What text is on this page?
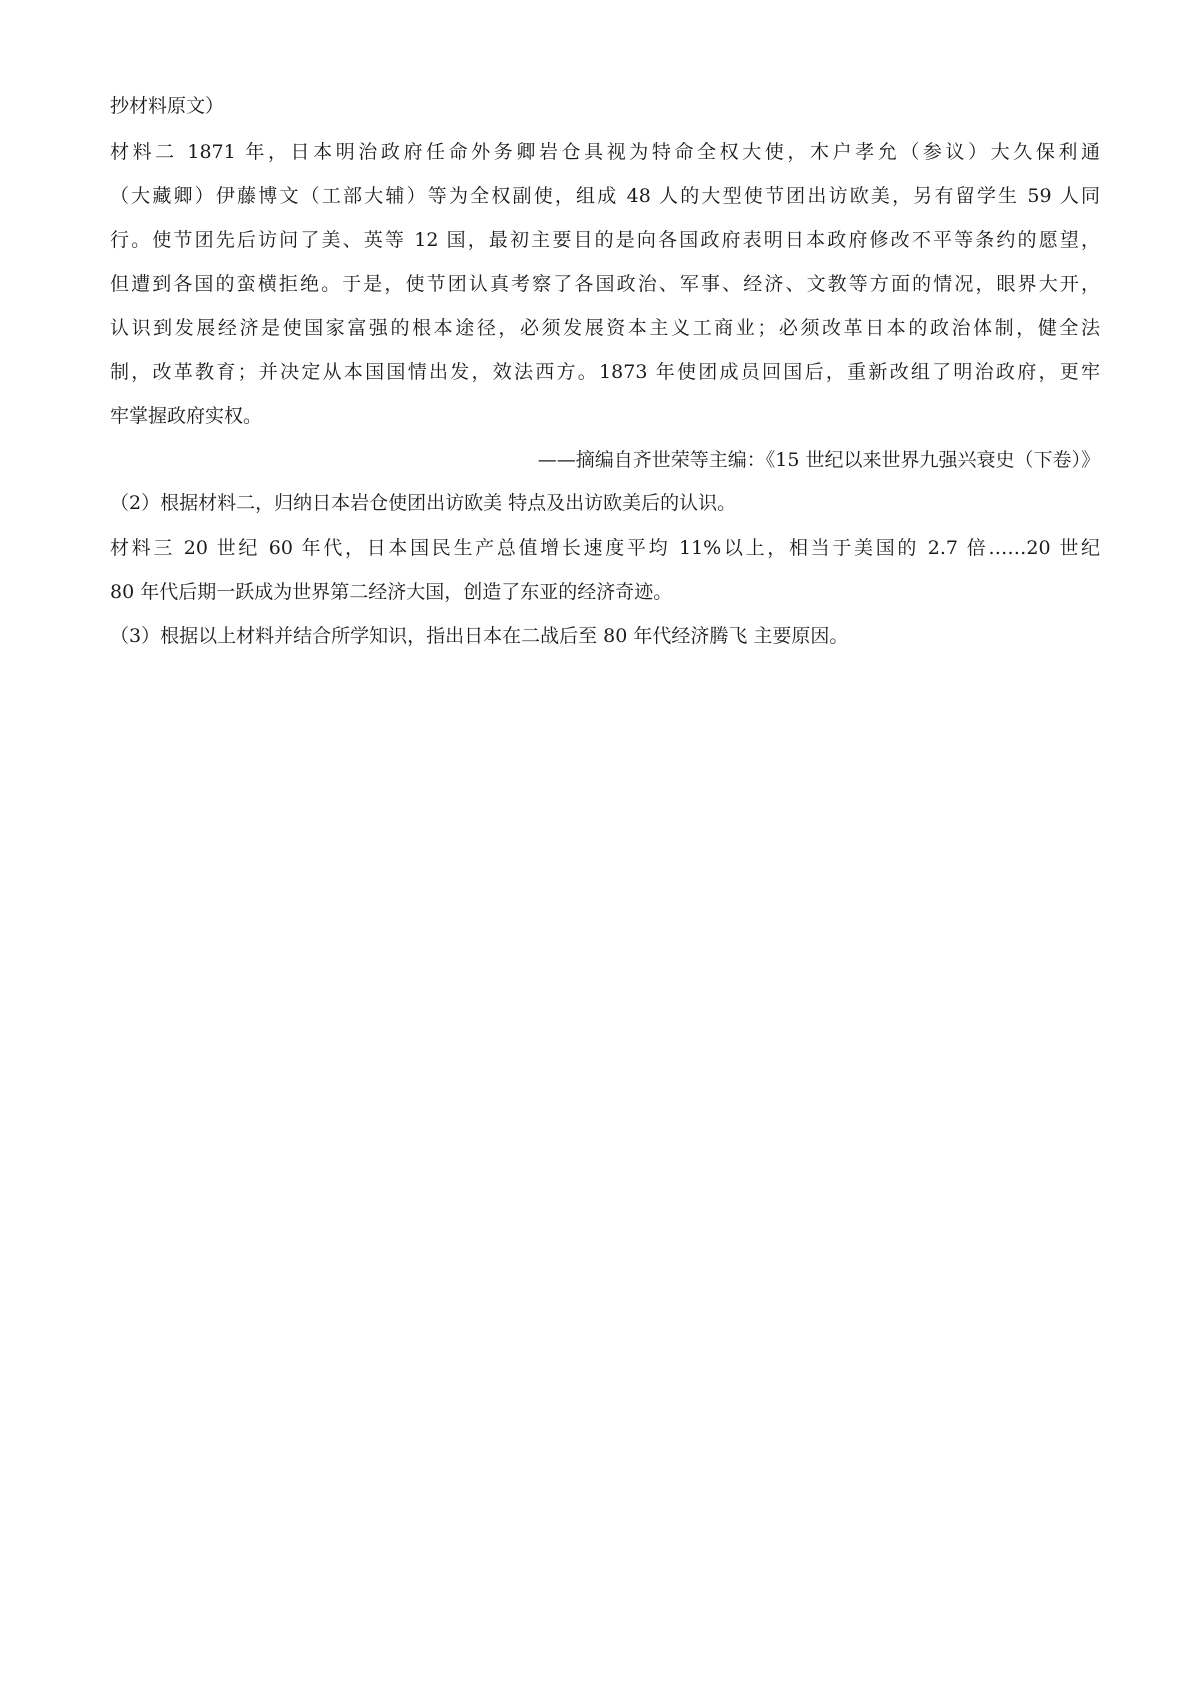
抄材料原文）
材料二 1871 年，日本明治政府任命外务卿岩仓具视为特命全权大使，木户孝允（参议）大久保利通
（大藏卿）伊藤博文（工部大辅）等为全权副使，组成 48 人的大型使节团出访欧美，另有留学生 59 人同
行。使节团先后访问了美、英等 12 国，最初主要目的是向各国政府表明日本政府修改不平等条约的愿望，
但遭到各国的蛮横拒绝。于是，使节团认真考察了各国政治、军事、经济、文教等方面的情况，眼界大开，
认识到发展经济是使国家富强的根本途径，必须发展资本主义工商业；必须改革日本的政治体制，健全法
制，改革教育；并决定从本国国情出发，效法西方。1873 年使团成员回国后，重新改组了明治政府，更牢
牢掌握政府实权。
——摘编自齐世荣等主编：《15 世纪以来世界九强兴衰史（下卷）》
（2）根据材料二，归纳日本岩仓使团出访欧美 特点及出访欧美后的认识。
材料三 20 世纪 60 年代，日本国民生产总值增长速度平均 11%以上，相当于美国的 2.7 倍……20 世纪
80 年代后期一跃成为世界第二经济大国，创造了东亚的经济奇迹。
（3）根据以上材料并结合所学知识，指出日本在二战后至 80 年代经济腾飞 主要原因。
